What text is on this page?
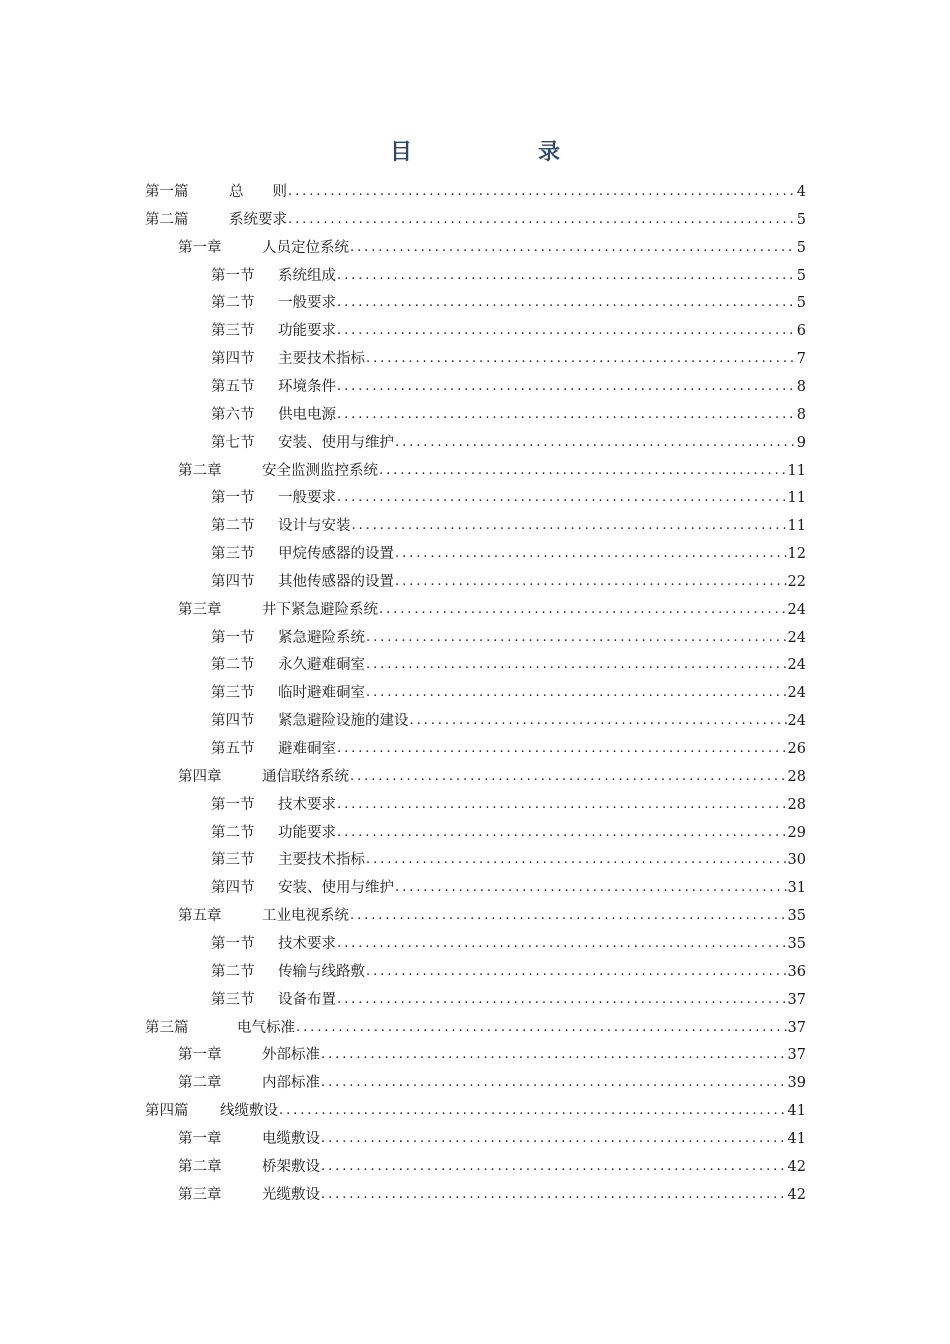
目　录
第一篇	总　　则 . . .	4
第二篇	系统要求 . . .	5
第一章	人员定位系统 . . .	5
第一节	系统组成 . . .	5
第二节	一般要求 . . .	5
第三节	功能要求 . . .	6
第四节	主要技术指标 . . .	7
第五节	环境条件 . . .	8
第六节	供电电源 . . .	8
第七节	安装、使用与维护 . . .	9
第二章	安全监测监控系统 . . .	11
第一节	一般要求 . . .	11
第二节	设计与安装 . . .	11
第三节	甲烷传感器的设置 . . .	12
第四节	其他传感器的设置 . . .	22
第三章	井下紧急避险系统 . . .	24
第一节	紧急避险系统 . . .	24
第二节	永久避难硐室 . . .	24
第三节	临时避难硐室 . . .	24
第四节	紧急避险设施的建设 . . .	24
第五节	避难硐室 . . .	26
第四章	通信联络系统 . . .	28
第一节	技术要求 . . .	28
第二节	功能要求 . . .	29
第三节	主要技术指标 . . .	30
第四节	安装、使用与维护 . . .	31
第五章	工业电视系统 . . .	35
第一节	技术要求 . . .	35
第二节	传输与线路敷 . . .	36
第三节	设备布置 . . .	37
第三篇	电气标准 . . .	37
第一章	外部标准 . . .	37
第二章	内部标准 . . .	39
第四篇	线缆敷设 . . .	41
第一章	电缆敷设 . . .	41
第二章	桥架敷设 . . .	42
第三章	光缆敷设 . . .	42
